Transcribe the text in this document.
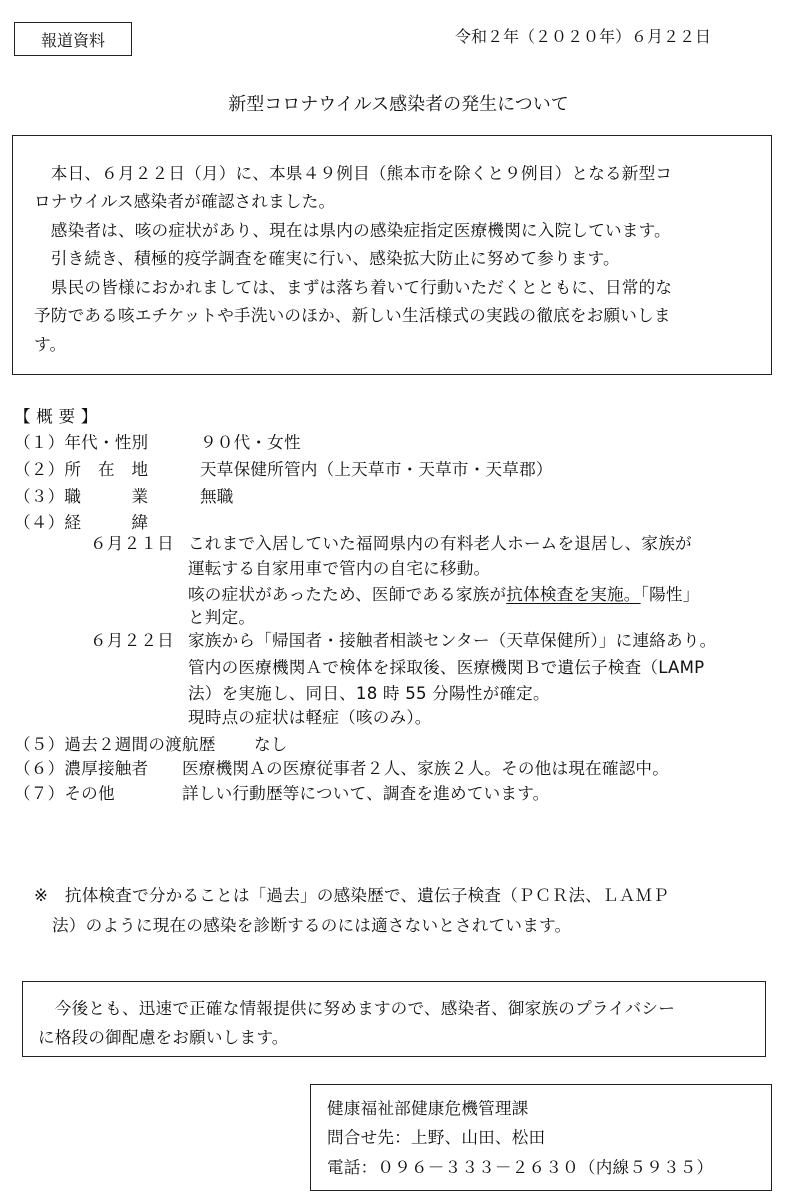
報道資料	令和２年（２０２０年）６月２２日
新型コロナウイルス感染者の発生について
　本日、６月２２日（月）に、本県４９例目（熊本市を除くと９例目）となる新型コ
ロナウイルス感染者が確認されました。
　感染者は、咳の症状があり、現在は県内の感染症指定医療機関に入院しています。
　引き続き、積極的疫学調査を確実に行い、感染拡大防止に努めて参ります。
　県民の皆様におかれましては、まずは落ち着いて行動いただくとともに、日常的な
予防である咳エチケットや手洗いのほか、新しい生活様式の実践の徹底をお願いしま
す。
【 概 要 】
（１）年代・性別	９０代・女性
（２）所　在　地	天草保健所管内（上天草市・天草市・天草郡）
（３）職　　　業	無職
（４）経　　　緯
６月２１日 これまで入居していた福岡県内の有料老人ホームを退居し、家族が
運転する自家用車で管内の自宅に移動。
咳の症状があったため、医師である家族が抗体検査を実施。「陽性」
と判定。
６月２２日 家族から「帰国者・接触者相談センター（天草保健所）」に連絡あり。
管内の医療機関Ａで検体を採取後、医療機関Ｂで遺伝子検査（LAMP
法）を実施し、同日、18 時 55 分陽性が確定。
現時点の症状は軽症（咳のみ）。
（５）過去２週間の渡航歴 なし
（６）濃厚接触者 医療機関Ａの医療従事者２人、家族２人。その他は現在確認中。
（７）その他	詳しい行動歴等について、調査を進めています。
※　抗体検査で分かることは「過去」の感染歴で、遺伝子検査（ＰＣＲ法、ＬＡＭＰ
法）のように現在の感染を診断するのには適さないとされています。
　今後とも、迅速で正確な情報提供に努めますので、感染者、御家族のプライバシー
に格段の御配慮をお願いします。
健康福祉部健康危機管理課
問合せ先：上野、山田、松田
電話：０９６－３３３－２６３０（内線５９３５）
